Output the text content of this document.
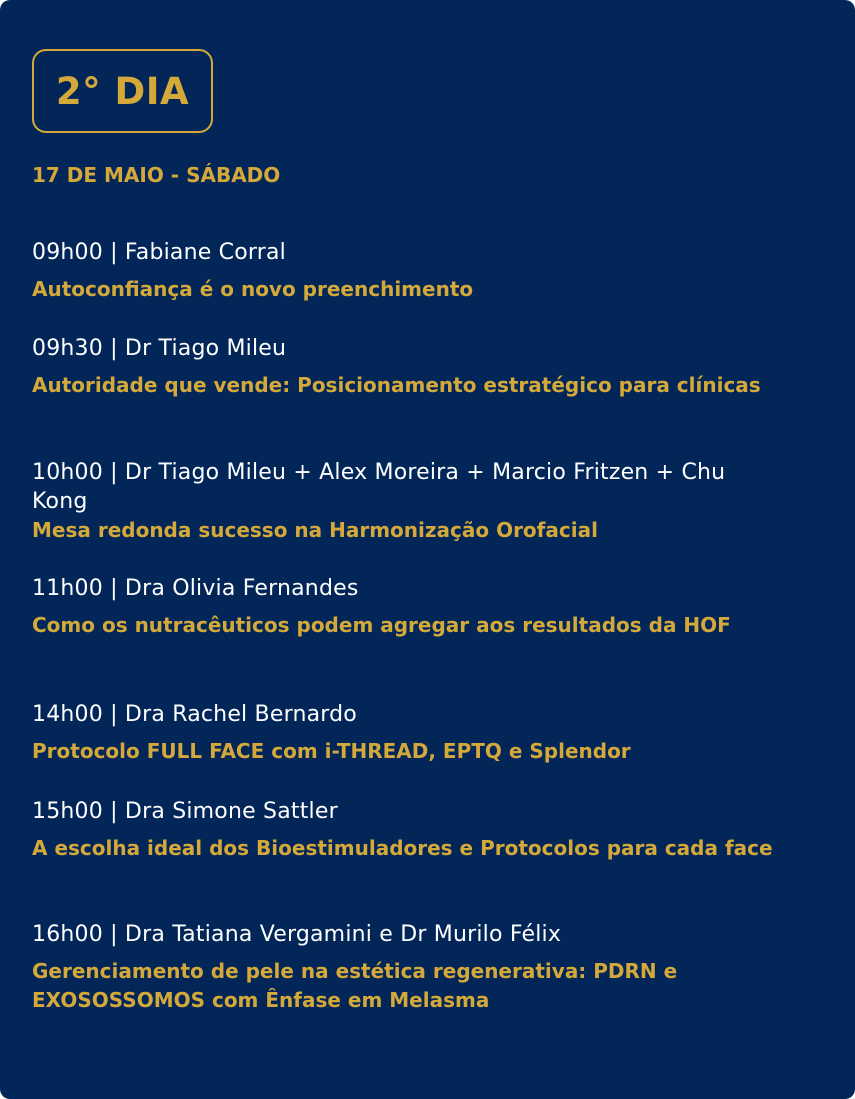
2° DIA
17 DE MAIO - SÁBADO
09h00 | Fabiane Corral
Autoconfiança é o novo preenchimento
09h30 | Dr Tiago Mileu
Autoridade que vende: Posicionamento estratégico para clínicas
10h00 | Dr Tiago Mileu + Alex Moreira + Marcio Fritzen + Chu Kong
Mesa redonda sucesso na Harmonização Orofacial
11h00 | Dra Olivia Fernandes
Como os nutracêuticos podem agregar aos resultados da HOF
14h00 | Dra Rachel Bernardo
Protocolo FULL FACE com i-THREAD, EPTQ e Splendor
15h00 | Dra Simone Sattler
A escolha ideal dos Bioestimuladores e Protocolos para cada face
16h00 | Dra Tatiana Vergamini e Dr Murilo Félix
Gerenciamento de pele na estética regenerativa: PDRN e EXOSOSSOMOS com Ênfase em Melasma
